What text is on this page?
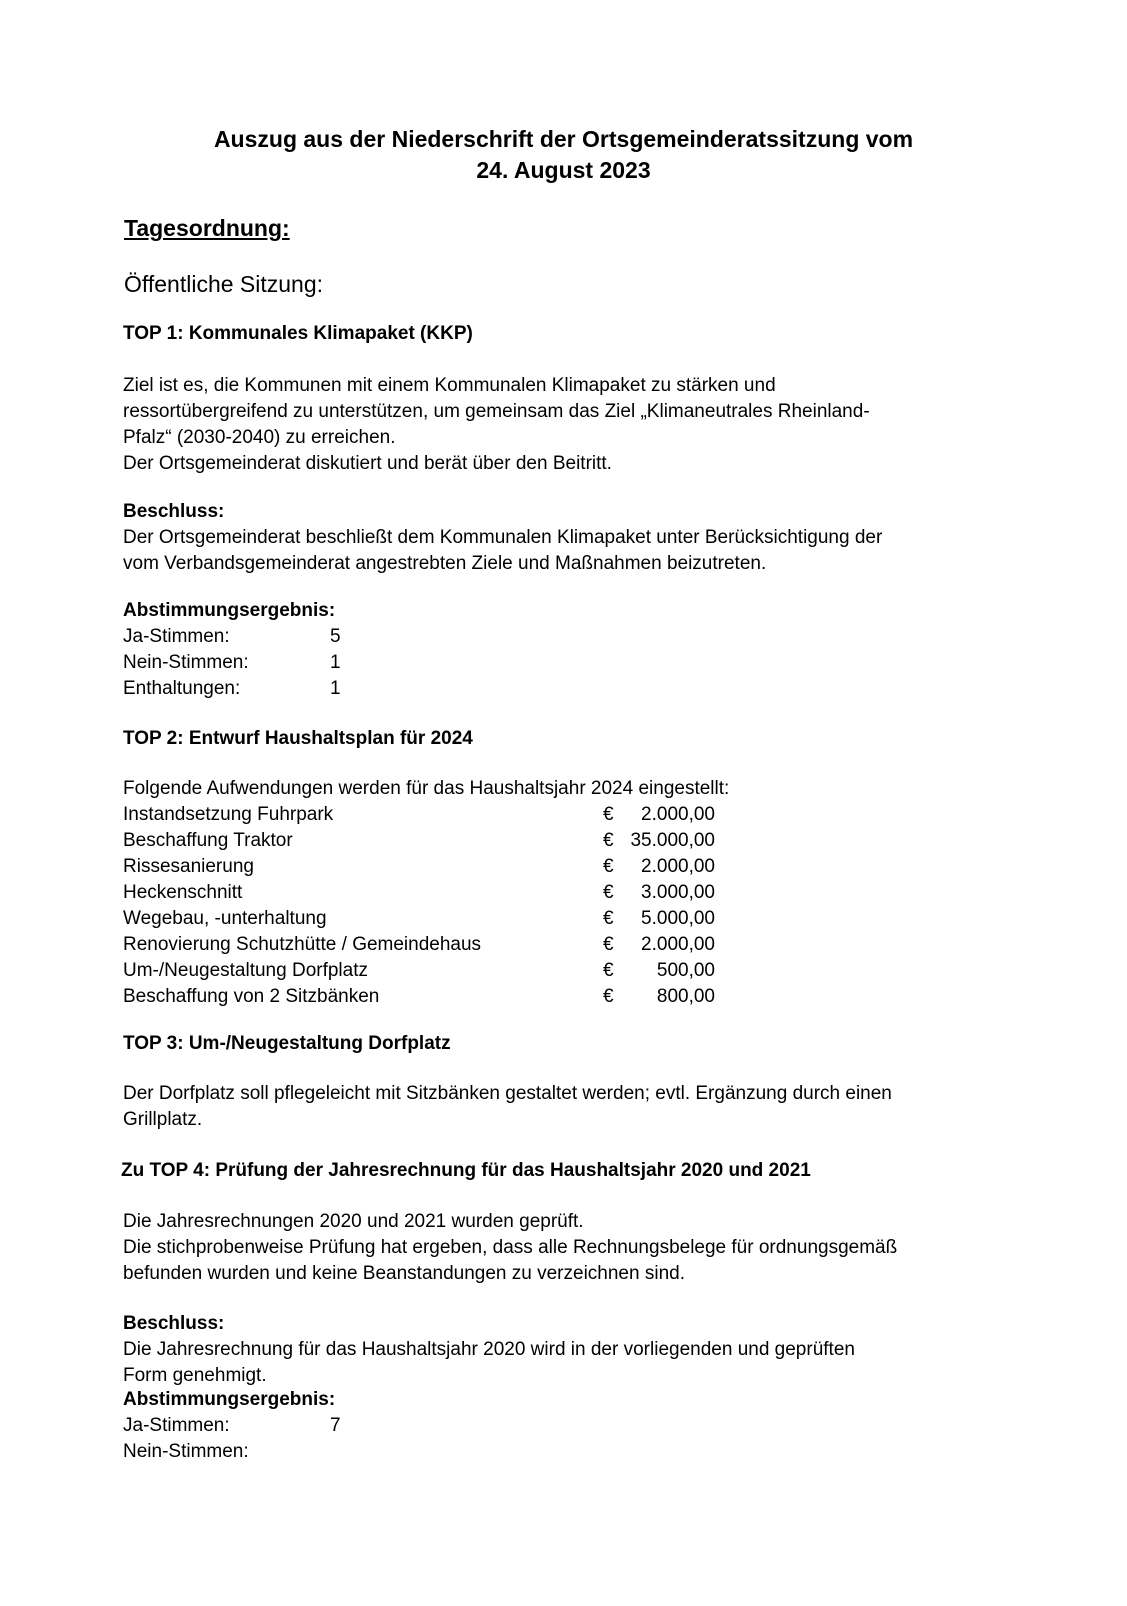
Auszug aus der Niederschrift der Ortsgemeinderatssitzung vom
24. August 2023
Tagesordnung:
Öffentliche Sitzung:
TOP 1: Kommunales Klimapaket (KKP)

Ziel ist es, die Kommunen mit einem Kommunalen Klimapaket zu stärken und

ressortübergreifend zu unterstützen, um gemeinsam das Ziel „Klimaneutrales Rheinland-

Pfalz“ (2030-2040) zu erreichen.

Der Ortsgemeinderat diskutiert und berät über den Beitritt.

Beschluss:

Der Ortsgemeinderat beschließt dem Kommunalen Klimapaket unter Berücksichtigung der

vom Verbandsgemeinderat angestrebten Ziele und Maßnahmen beizutreten.

Abstimmungsergebnis:

Ja-Stimmen:	5
Nein-Stimmen:	1
Enthaltungen:	1
TOP 2: Entwurf Haushaltsplan für 2024

Folgende Aufwendungen werden für das Haushaltsjahr 2024 eingestellt:

Instandsetzung Fuhrpark	€	2.000,00
Beschaffung Traktor	€ 35.000,00
Rissesanierung	€	2.000,00
Heckenschnitt	€	3.000,00
Wegebau, -unterhaltung	€	5.000,00
Renovierung Schutzhütte / Gemeindehaus	€	2.000,00
Um-/Neugestaltung Dorfplatz	€	500,00
Beschaffung von 2 Sitzbänken	€	800,00
TOP 3: Um-/Neugestaltung Dorfplatz

Der Dorfplatz soll pflegeleicht mit Sitzbänken gestaltet werden; evtl. Ergänzung durch einen

Grillplatz.

Zu TOP 4: Prüfung der Jahresrechnung für das Haushaltsjahr 2020 und 2021

Die Jahresrechnungen 2020 und 2021 wurden geprüft.

Die stichprobenweise Prüfung hat ergeben, dass alle Rechnungsbelege für ordnungsgemäß

befunden wurden und keine Beanstandungen zu verzeichnen sind.

Beschluss:

Die Jahresrechnung für das Haushaltsjahr 2020 wird in der vorliegenden und geprüften

Form genehmigt.

Abstimmungsergebnis:

Ja-Stimmen:	7
Nein-Stimmen:
